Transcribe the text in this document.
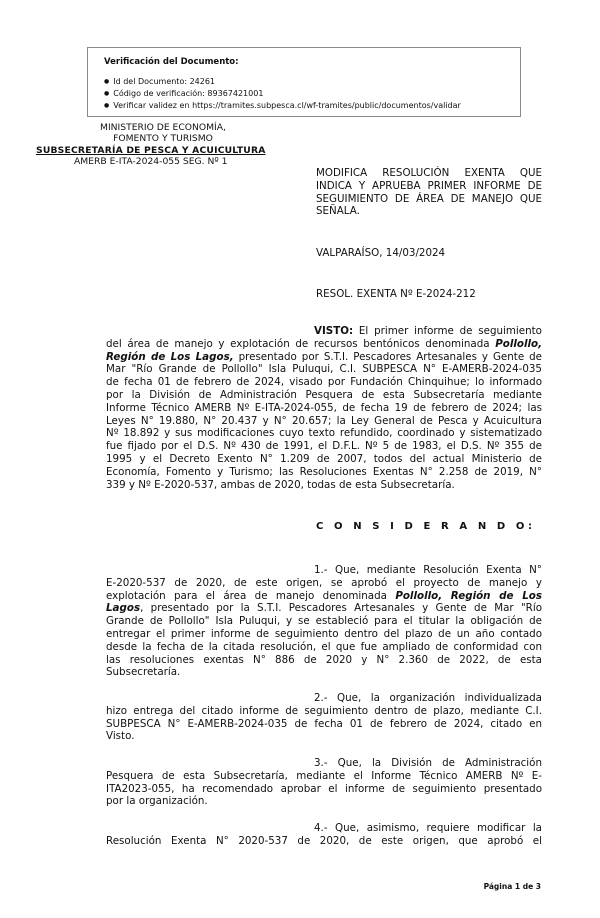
Verificación del Documento:
● Id del Documento: 24261
● Código de verificación: 89367421001
● Verificar validez en https://tramites.subpesca.cl/wf-tramites/public/documentos/validar
MINISTERIO DE ECONOMÍA,
FOMENTO Y TURISMO
SUBSECRETARÍA DE PESCA Y ACUICULTURA
AMERB E-ITA-2024-055 SEG. Nº 1
MODIFICA RESOLUCIÓN EXENTA QUE INDICA Y APRUEBA PRIMER INFORME DE SEGUIMIENTO DE ÁREA DE MANEJO QUE SEÑALA.
VALPARAÍSO, 14/03/2024
RESOL. EXENTA Nº E-2024-212
VISTO: El primer informe de seguimiento
del área de manejo y explotación de recursos bentónicos denominada Pollollo,
Región de Los Lagos, presentado por S.T.I. Pescadores Artesanales y Gente de
Mar "Río Grande de Pollollo" Isla Puluqui, C.I. SUBPESCA N° E-AMERB-2024-035
de fecha 01 de febrero de 2024, visado por Fundación Chinquihue; lo informado
por la División de Administración Pesquera de esta Subsecretaría mediante
Informe Técnico AMERB Nº E-ITA-2024-055, de fecha 19 de febrero de 2024; las
Leyes N° 19.880, N° 20.437 y N° 20.657; la Ley General de Pesca y Acuicultura
Nº 18.892 y sus modificaciones cuyo texto refundido, coordinado y sistematizado
fue fijado por el D.S. Nº 430 de 1991, el D.F.L. Nº 5 de 1983, el D.S. Nº 355 de
1995 y el Decreto Exento N° 1.209 de 2007, todos del actual Ministerio de
Economía, Fomento y Turismo; las Resoluciones Exentas N° 2.258 de 2019, N°
339 y Nº E-2020-537, ambas de 2020, todas de esta Subsecretaría.
C O N S I D E R A N D O:
1.- Que, mediante Resolución Exenta N°
E-2020-537 de 2020, de este origen, se aprobó el proyecto de manejo y
explotación para el área de manejo denominada Pollollo, Región de Los
Lagos, presentado por la S.T.I. Pescadores Artesanales y Gente de Mar "Río
Grande de Pollollo" Isla Puluqui, y se estableció para el titular la obligación de
entregar el primer informe de seguimiento dentro del plazo de un año contado
desde la fecha de la citada resolución, el que fue ampliado de conformidad con
las resoluciones exentas N° 886 de 2020 y N° 2.360 de 2022, de esta
Subsecretaría.
2.- Que, la organización individualizada
hizo entrega del citado informe de seguimiento dentro de plazo, mediante C.I.
SUBPESCA N° E-AMERB-2024-035 de fecha 01 de febrero de 2024, citado en
Visto.
3.- Que, la División de Administración
Pesquera de esta Subsecretaría, mediante el Informe Técnico AMERB Nº E-
ITA2023-055, ha recomendado aprobar el informe de seguimiento presentado
por la organización.
4.- Que, asimismo, requiere modificar la
Resolución Exenta N° 2020-537 de 2020, de este origen, que aprobó el
Página 1 de 3
